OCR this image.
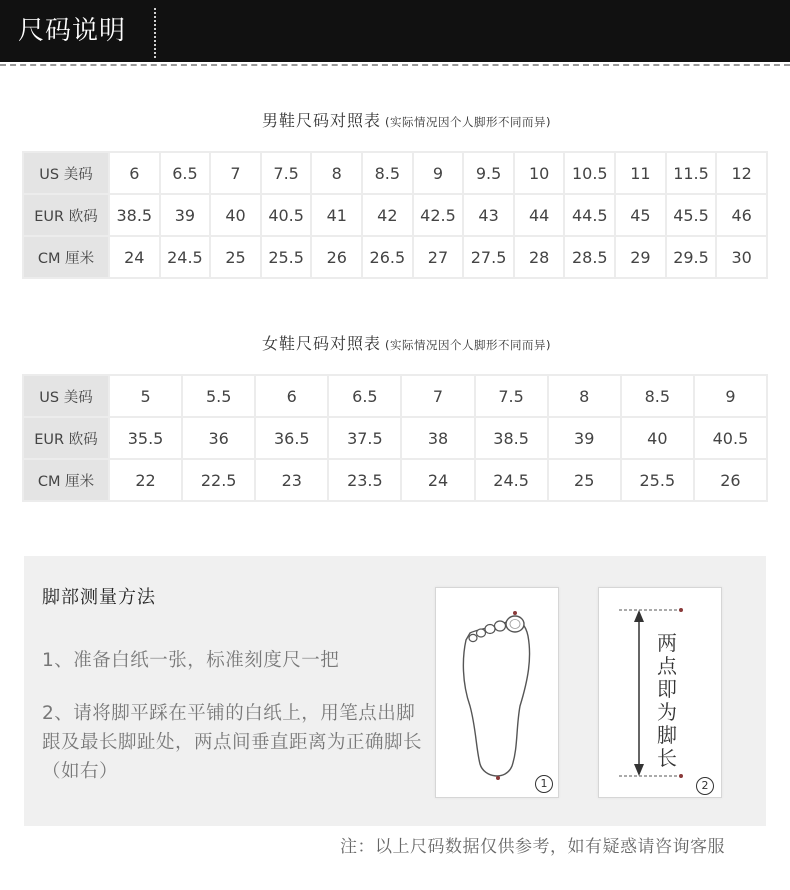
尺码说明
男鞋尺码对照表 (实际情况因个人脚形不同而异)
US 美码	6	6.5	7	7.5	8	8.5	9	9.5	10	10.5	11	11.5	12
EUR 欧码	38.5	39	40	40.5	41	42	42.5	43	44	44.5	45	45.5	46
CM 厘米	24	24.5	25	25.5	26	26.5	27	27.5	28	28.5	29	29.5	30
女鞋尺码对照表 (实际情况因个人脚形不同而异)
US 美码	5	5.5	6	6.5	7	7.5	8	8.5	9
EUR 欧码	35.5	36	36.5	37.5	38	38.5	39	40	40.5
CM 厘米	22	22.5	23	23.5	24	24.5	25	25.5	26
脚部测量方法
1、准备白纸一张，标准刻度尺一把
2、请将脚平踩在平铺的白纸上，用笔点出脚跟及最长脚趾处，两点间垂直距离为正确脚长（如右）
1	2
两点即为脚长
注：以上尺码数据仅供参考，如有疑惑请咨询客服
